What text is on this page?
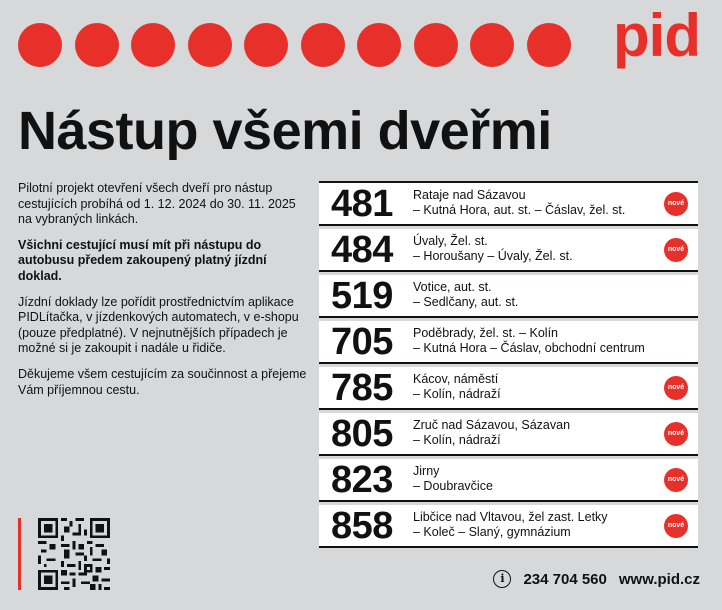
pid
Nástup všemi dveřmi

Pilotní projekt otevření všech dveří pro nástup cestujících probíhá od 1. 12. 2024 do 30. 11. 2025 na vybraných linkách.

Všichni cestující musí mít při nástupu do autobusu předem zakoupený platný jízdní doklad.

Jízdní doklady lze pořídit prostřednictvím aplikace PIDLítačka, v jízdenkových automatech, v e-shopu (pouze předplatné). V nejnutnějších případech je možné si je zakoupit i nadále u řidiče.

Děkujeme všem cestujícím za součinnost a přejeme Vám příjemnou cestu.

481 Rataje nad Sázavou
– Kutná Hora, aut. st. – Čáslav, žel. st.	nové
484 Úvaly, Žel. st.
– Horoušany – Úvaly, Žel. st.	nové
519 Votice, aut. st.
– Sedlčany, aut. st.
705 Poděbrady, žel. st. – Kolín
– Kutná Hora – Čáslav, obchodní centrum
785 Kácov, náměstí
– Kolín, nádraží	nové
805 Zruč nad Sázavou, Sázavan
– Kolín, nádraží	nové
823 Jirny
– Doubravčice	nové
858 Libčice nad Vltavou, žel zast. Letky
– Koleč – Slaný, gymnázium	nové
i	234 704 560 www.pid.cz
